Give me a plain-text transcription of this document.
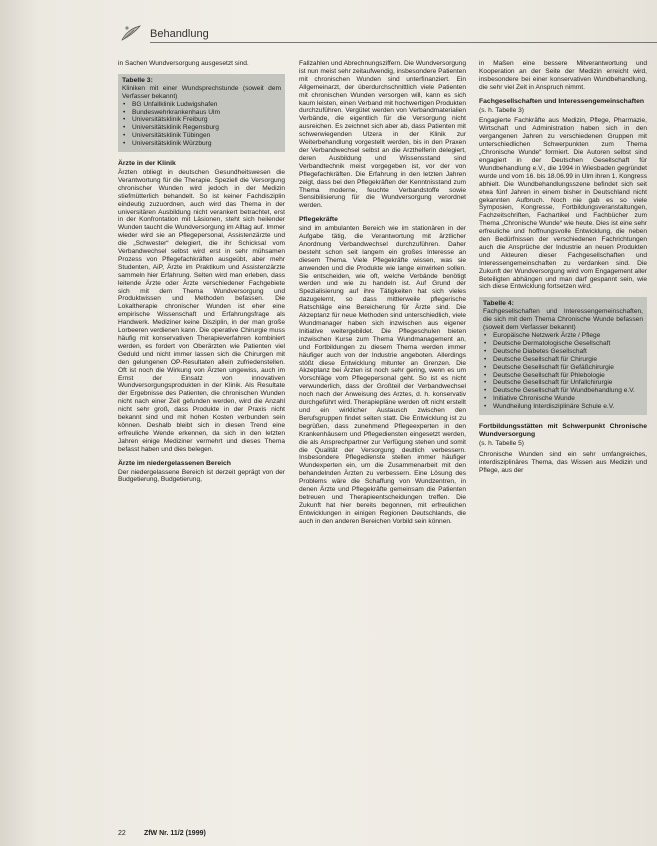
Behandlung

in Sachen Wundversorgung ausgesetzt sind.

Tabelle 3:

Kliniken mit einer Wundsprechstunde (soweit dem Verfasser bekannt)

• BG Unfallklinik Ludwigshafen
• Bundeswehrkrankenhaus Ulm
• Universitätsklinik Freiburg
• Universitätsklinik Regensburg
• Universitätsklinik Tübingen
• Universitätsklinik Würzburg
Ärzte in der Klinik

Ärzten obliegt in deutschen Gesundheitswesen die Verantwortung für die Therapie. Speziell die Versorgung chronischer Wunden wird jedoch in der Medizin stiefmütterlich behandelt. So ist keiner Fachdisziplin eindeutig zuzuordnen, auch wird das Thema in der universitären Ausbildung nicht verankert betrachtet, erst in der Konfrontation mit Läsionen, steht sich heilender Wunden taucht die Wundversorgung im Alltag auf. Immer wieder wird sie an Pflegepersonal, Assistenzärzte und die „Schwester“ delegiert, die ihr Schicksal vom Verbandwechsel selbst wird erst in sehr mühsamen Prozess von Pflegefachkräften ausgeübt, aber mehr Studenten, AiP, Ärzte im Praktikum und Assistenzärzte sammeln hier Erfahrung. Selten wird man erleben, dass leitende Ärzte oder Ärzte verschiedener Fachgebiete sich mit dem Thema Wundversorgung und Produktwissen und Methoden befassen. Die Lokaltherapie chronischer Wunden ist eher eine empirische Wissenschaft und Erfahrungsfrage als Handwerk. Mediziner keine Disziplin, in der man große Lorbeeren verdienen kann. Die operative Chirurgie muss häufig mit konservativen Therapieverfahren kombiniert werden, es fordert von Oberärzten wie Patienten viel Geduld und nicht immer lassen sich die Chirurgen mit den gelungenen OP-Resultaten allein zufriedenstellen. Oft ist noch die Wirkung von Ärzten ungewiss, auch im Ernst der Einsatz von innovativen Wundversorgungsprodukten in der Klinik. Als Resultate der Ergebnisse des Patienten, die chronischen Wunden nicht nach einer Zeit gefunden werden, wird die Anzahl nicht sehr groß, dass Produkte in der Praxis nicht bekannt sind und mit hohen Kosten verbunden sein können. Deshalb bleibt sich in diesen Trend eine erfreuliche Wende erkennen, da sich in den letzten Jahren einige Mediziner vermehrt und dieses Thema befasst haben und dies belegen.

Ärzte im niedergelassenen Bereich

Der niedergelassene Bereich ist derzeit geprägt von der Budgetierung, Budgetierung,

Fallzahlen und Abrechnungsziffern. Die Wundversorgung ist nun meist sehr zeitaufwendig, insbesondere Patienten mit chronischen Wunden sind unterfinanziert. Ein Allgemeinarzt, der überdurchschnittlich viele Patienten mit chronischen Wunden versorgen will, kann es sich kaum leisten, einen Verband mit hochwertigen Produkten durchzuführen. Vergütet werden von Verbandmaterialien Verbände, die eigentlich für die Versorgung nicht ausreichen. Es zeichnet sich aber ab, dass Patienten mit schwerwiegenden Ulzera in der Klinik zur Weiterbehandlung vorgestellt werden, bis in den Praxen der Verbandwechsel selbst an die Arzthelferin delegiert, deren Ausbildung und Wissensstand sind Verbandtechnik meist vorgegeben ist, vor der von Pflegefachkräften. Die Erfahrung in den letzten Jahren zeigt, dass bei den Pflegekräften der Kenntnisstand zum Thema moderne, feuchte Verbandstoffe sowie Sensibilisierung für die Wundversorgung verordnet werden.

Pflegekräfte

sind im ambulanten Bereich wie im stationären in der Aufgabe tätig, die Verantwortung mit ärztlicher Anordnung Verbandwechsel durchzuführen. Daher besteht schon seit langem ein großes Interesse an diesem Thema. Viele Pflegekräfte wissen, was sie anwenden und die Produkte wie lange einwirken sollen. Sie entscheiden, wie oft, welche Verbände benötigt werden und wie zu handeln ist. Auf Grund der Spezialisierung auf ihre Tätigkeiten hat sich vieles dazugelernt, so dass mittlerweile pflegerische Ratschläge eine Bereicherung für Ärzte sind. Die Akzeptanz für neue Methoden sind unterschiedlich, viele Wundmanager haben sich inzwischen aus eigener Initiative weitergebildet. Die Pflegeschulen bieten inzwischen Kurse zum Thema Wundmanagement an, und Fortbildungen zu diesem Thema werden immer häufiger auch von der Industrie angeboten. Allerdings stößt diese Entwicklung mitunter an Grenzen. Die Akzeptanz bei Ärzten ist noch sehr gering, wenn es um Vorschläge vom Pflegepersonal geht. So ist es nicht verwunderlich, dass der Großteil der Verbandwechsel noch nach der Anweisung des Arztes, d. h. konservativ durchgeführt wird. Therapiepläne werden oft nicht erstellt und ein wirklicher Austausch zwischen den Berufsgruppen findet selten statt. Die Entwicklung ist zu begrüßen, dass zunehmend Pflegeexperten in den Krankenhäusern und Pflegediensten eingesetzt werden, die als Ansprechpartner zur Verfügung stehen und somit die Qualität der Versorgung deutlich verbessern. Insbesondere Pflegedienste stellen immer häufiger Wundexperten ein, um die Zusammenarbeit mit den behandelnden Ärzten zu verbessern. Eine Lösung des Problems wäre die Schaffung von Wundzentren, in denen Ärzte und Pflegekräfte gemeinsam die Patienten betreuen und Therapieentscheidungen treffen. Die Zukunft hat hier bereits begonnen, mit erfreulichen Entwicklungen in einigen Regionen Deutschlands, die auch in den anderen Bereichen Vorbild sein können.

in Maßen eine bessere Mitverantwortung und Kooperation an der Seite der Medizin erreicht wird, insbesondere bei einer konservativen Wundbehandlung, die sehr viel Zeit in Anspruch nimmt.

Fachgesellschaften und Interessengemeinschaften

(s. h. Tabelle 3)

Engagierte Fachkräfte aus Medizin, Pflege, Pharmazie, Wirtschaft und Administration haben sich in den vergangenen Jahren zu verschiedenen Gruppen mit unterschiedlichen Schwerpunkten zum Thema „Chronische Wunde“ formiert. Die Autoren selbst sind engagiert in der Deutschen Gesellschaft für Wundbehandlung e.V., die 1994 in Wiesbaden gegründet wurde und vom 16. bis 18.06.99 in Ulm ihren 1. Kongress abhielt. Die Wundbehandlungsszene befindet sich seit etwa fünf Jahren in einem bisher in Deutschland nicht gekannten Aufbruch. Noch nie gab es so viele Symposien, Kongresse, Fortbildungsveranstaltungen, Fachzeitschriften, Fachartikel und Fachbücher zum Thema „Chronische Wunde“ wie heute. Dies ist eine sehr erfreuliche und hoffnungsvolle Entwicklung, die neben den Bedürfnissen der verschiedenen Fachrichtungen auch die Ansprüche der Industrie an neuen Produkten und Akteuren dieser Fachgesellschaften und Interessengemeinschaften zu verdanken sind. Die Zukunft der Wundversorgung wird vom Engagement aller Beteiligten abhängen und man darf gespannt sein, wie sich diese Entwicklung fortsetzen wird.

Tabelle 4:

Fachgesellschaften und Interessengemeinschaften, die sich mit dem Thema Chronische Wunde befassen (soweit dem Verfasser bekannt)

• Europäische Netzwerk Ärzte / Pflege
• Deutsche Dermatologische Gesellschaft
• Deutsche Diabetes Gesellschaft
• Deutsche Gesellschaft für Chirurgie
• Deutsche Gesellschaft für Gefäßchirurgie
• Deutsche Gesellschaft für Phlebologie
• Deutsche Gesellschaft für Unfallchirurgie
• Deutsche Gesellschaft für Wundbehandlung e.V.
• Initiative Chronische Wunde
• Wundheilung Interdisziplinäre Schule e.V.
Fortbildungsstätten mit Schwerpunkt Chronische Wundversorgung

(s. h. Tabelle 5)

Chronische Wunden sind ein sehr umfangreiches, interdisziplinäres Thema, das Wissen aus Medizin und Pflege, aus der

22	ZfW Nr. 11/2 (1999)
